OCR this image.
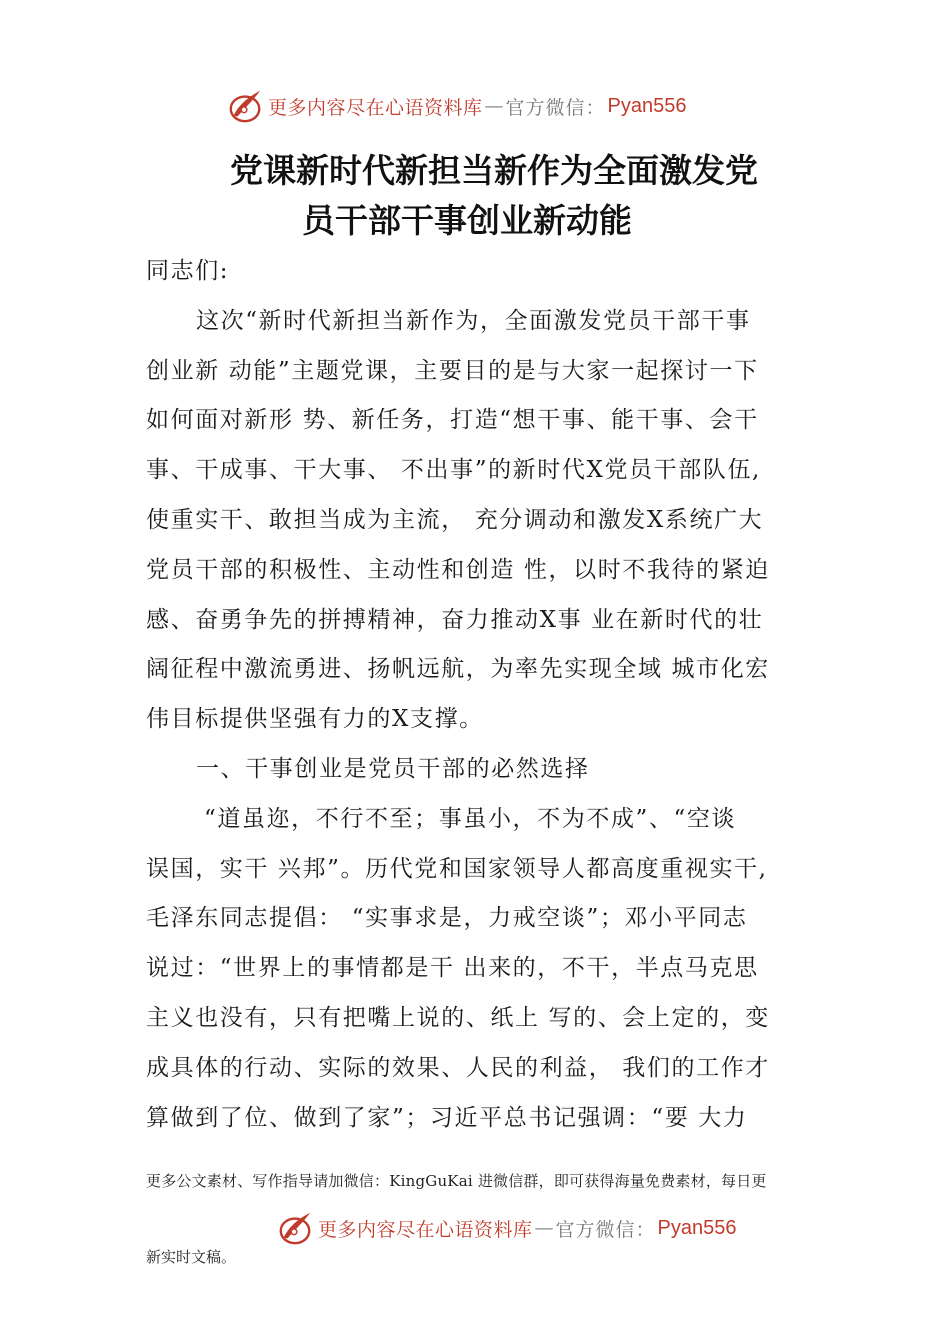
更多内容尽在心语资料库 — 官方微信： Pyan556
党课新时代新担当新作为全面激发党
员干部干事创业新动能
同志们:
这次“新时代新担当新作为，全面激发党员干部干事
创业新 动能”主题党课，主要目的是与大家一起探讨一下
如何面对新形 势、新任务，打造“想干事、能干事、会干
事、干成事、干大事、 不出事”的新时代X党员干部队伍,
使重实干、敢担当成为主流， 充分调动和激发X系统广大
党员干部的积极性、主动性和创造 性，以时不我待的紧迫
感、奋勇争先的拼搏精神，奋力推动X事 业在新时代的壮
阔征程中激流勇进、扬帆远航，为率先实现全域 城市化宏
伟目标提供坚强有力的X支撑。
一、干事创业是党员干部的必然选择
“道虽迩，不行不至；事虽小，不为不成”、“空谈
误国，实干 兴邦”。历代党和国家领导人都高度重视实干,
毛泽东同志提倡： “实事求是，力戒空谈”；邓小平同志
说过：“世界上的事情都是干 出来的，不干，半点马克思
主义也没有，只有把嘴上说的、纸上 写的、会上定的，变
成具体的行动、实际的效果、人民的利益， 我们的工作才
算做到了位、做到了家”；习近平总书记强调：“要 大力
更多公文素材、写作指导请加微信：KingGuKai 进微信群，即可获得海量免费素材，每日更
更多内容尽在心语资料库 — 官方微信： Pyan556
新实时文稿。
